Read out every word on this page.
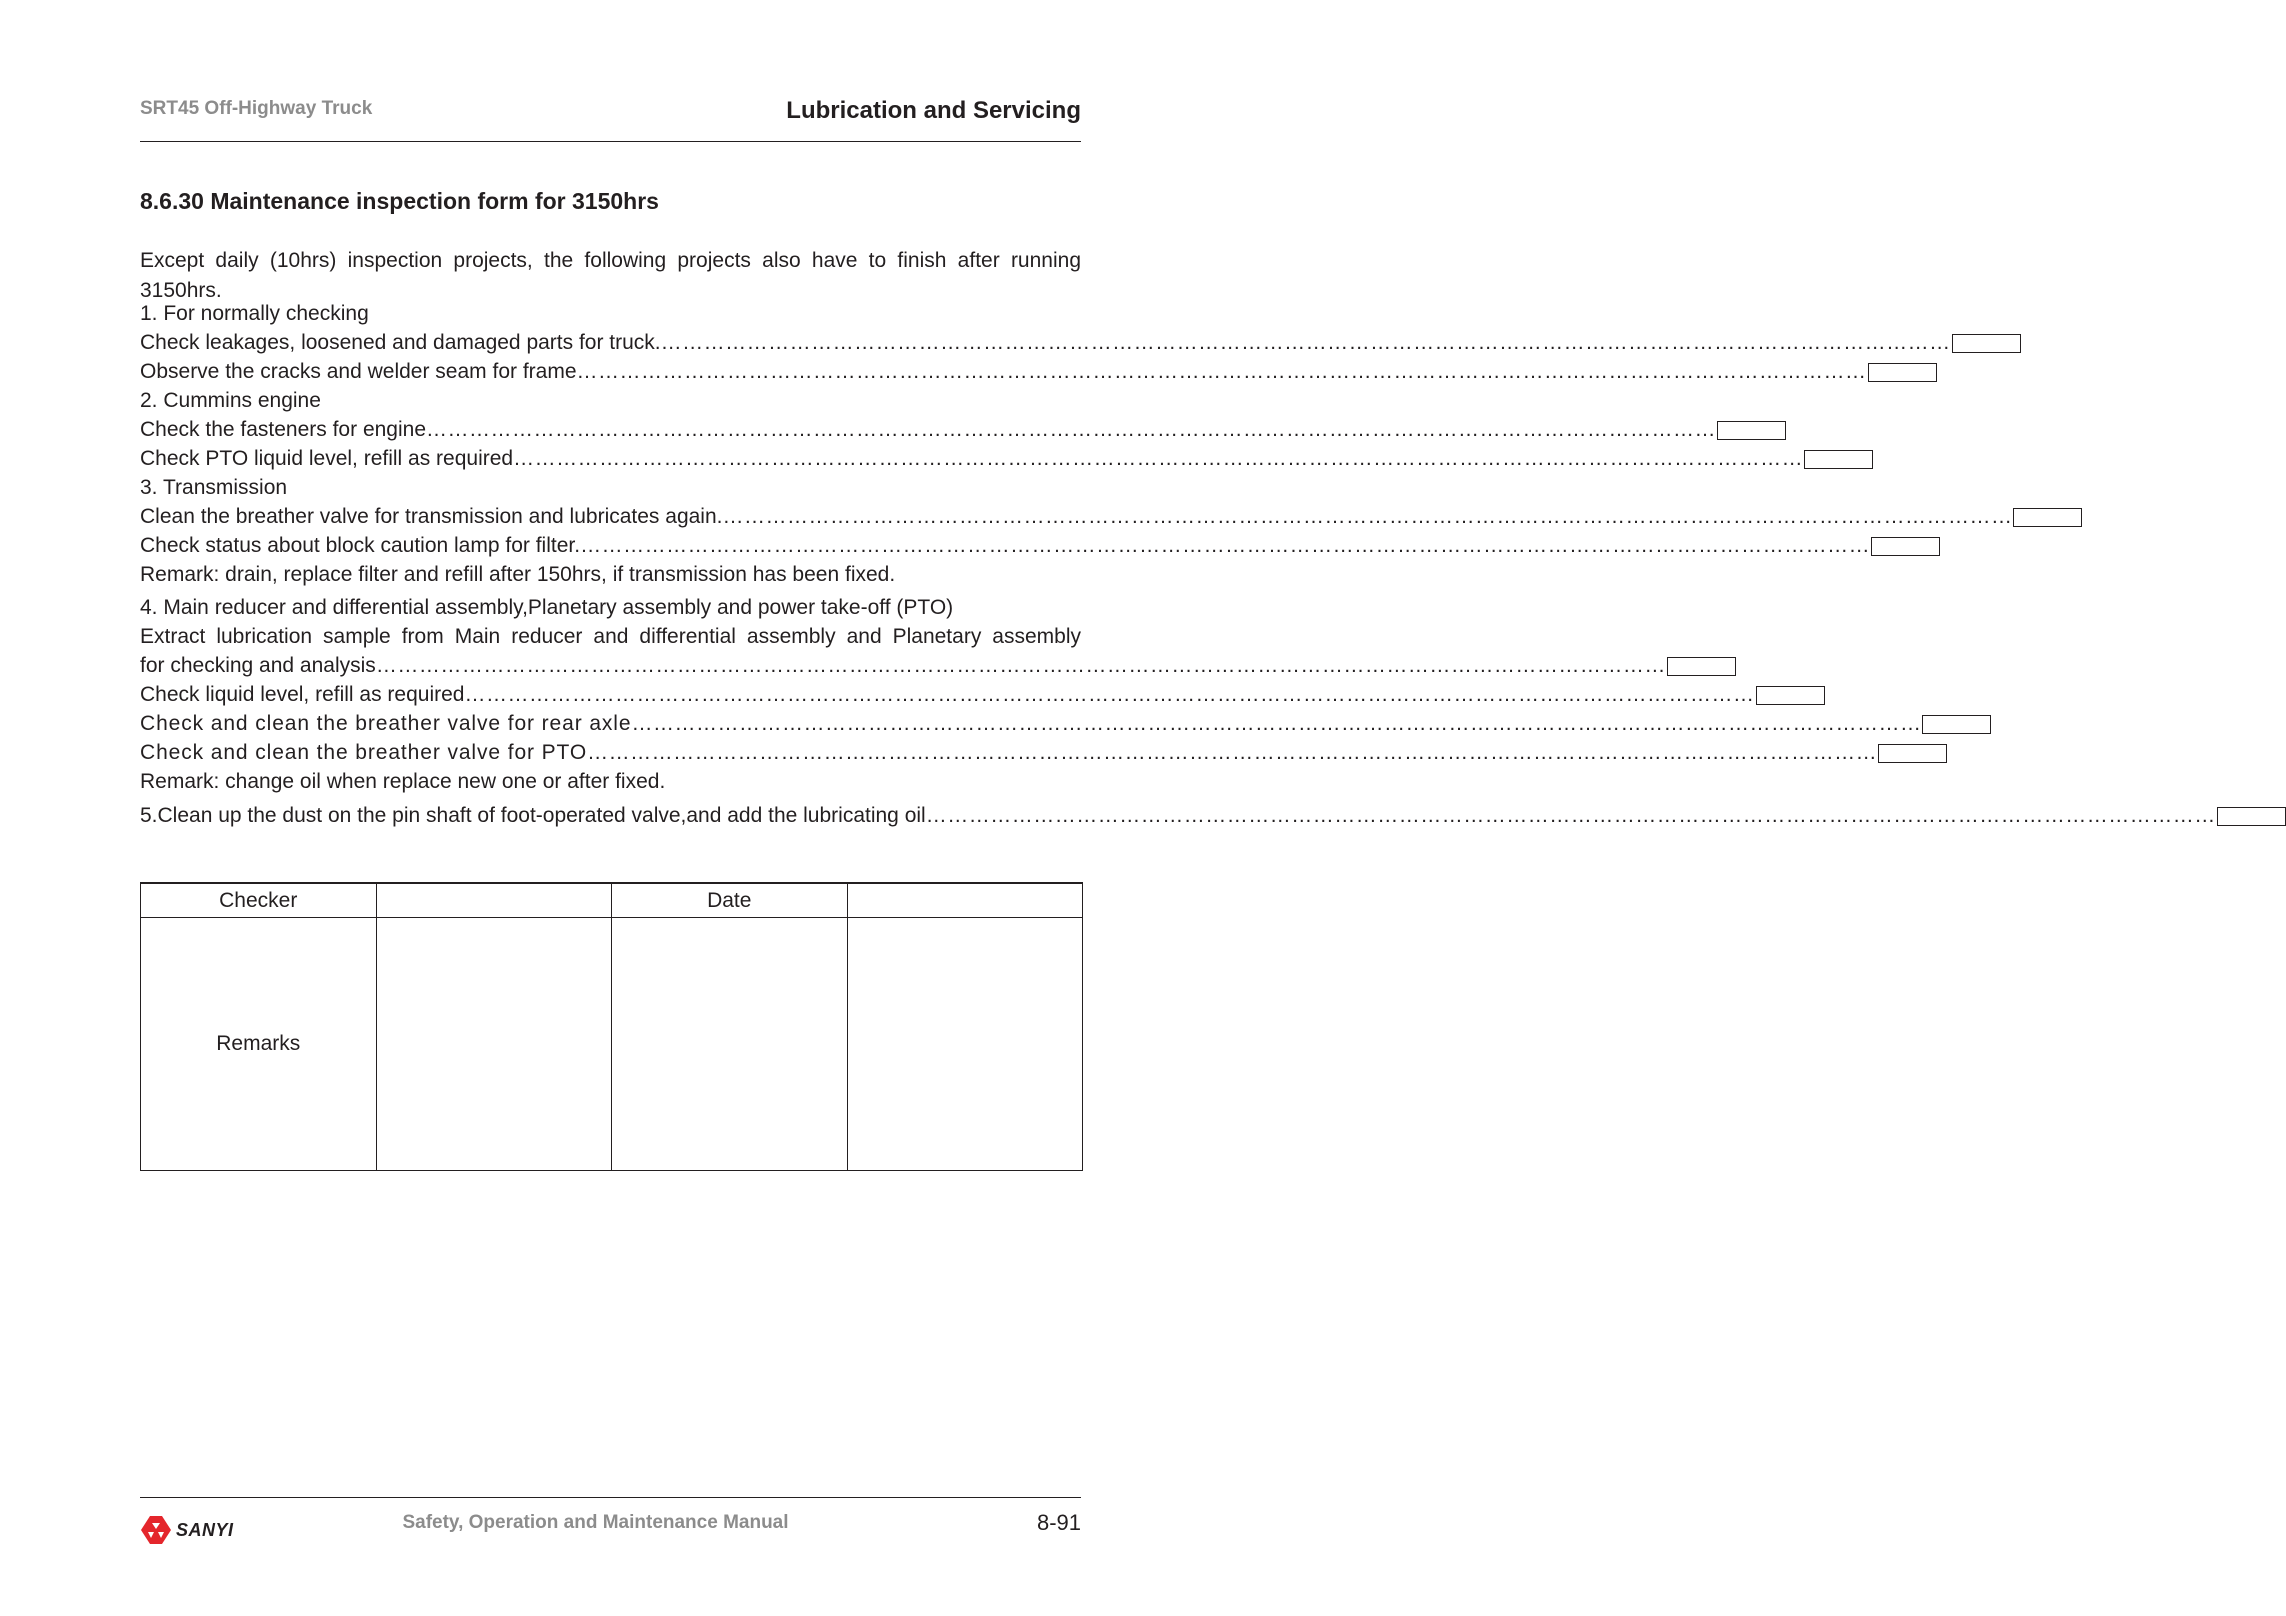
SRT45 Off-Highway Truck	Lubrication and Servicing
8.6.30 Maintenance inspection form for 3150hrs
Except daily (10hrs) inspection projects, the following projects also have to finish after running 3150hrs.
1. For normally checking
Check leakages, loosened and damaged parts for truck. ………………………………………………………………………………………………………………………………………………………………
Observe the cracks and welder seam for frame ………………………………………………………………………………………………………………………………………………………………
2. Cummins engine
Check the fasteners for engine ………………………………………………………………………………………………………………………………………………………………
Check PTO liquid level, refill as required ………………………………………………………………………………………………………………………………………………………………
3. Transmission
Clean the breather valve for transmission and lubricates again. ………………………………………………………………………………………………………………………………………………………………
Check status about block caution lamp for filter. ………………………………………………………………………………………………………………………………………………………………
Remark: drain, replace filter and refill after 150hrs, if transmission has been fixed.
4. Main reducer and differential assembly,Planetary assembly and power take-off (PTO)
Extract lubrication sample from Main reducer and differential assembly and Planetary assembly
for checking and analysis ………………………………………………………………………………………………………………………………………………………………
Check liquid level, refill as required ………………………………………………………………………………………………………………………………………………………………
Check and clean the breather valve for rear axle ………………………………………………………………………………………………………………………………………………………………
Check and clean the breather valve for PTO ………………………………………………………………………………………………………………………………………………………………
Remark: change oil when replace new one or after fixed.
5.Clean up the dust on the pin shaft of foot-operated valve,and add the lubricating oil ………………………………………………………………………………………………………………………………………………………………
Checker		Date	
Remarks			
SANYI	Safety, Operation and Maintenance Manual	8-91
